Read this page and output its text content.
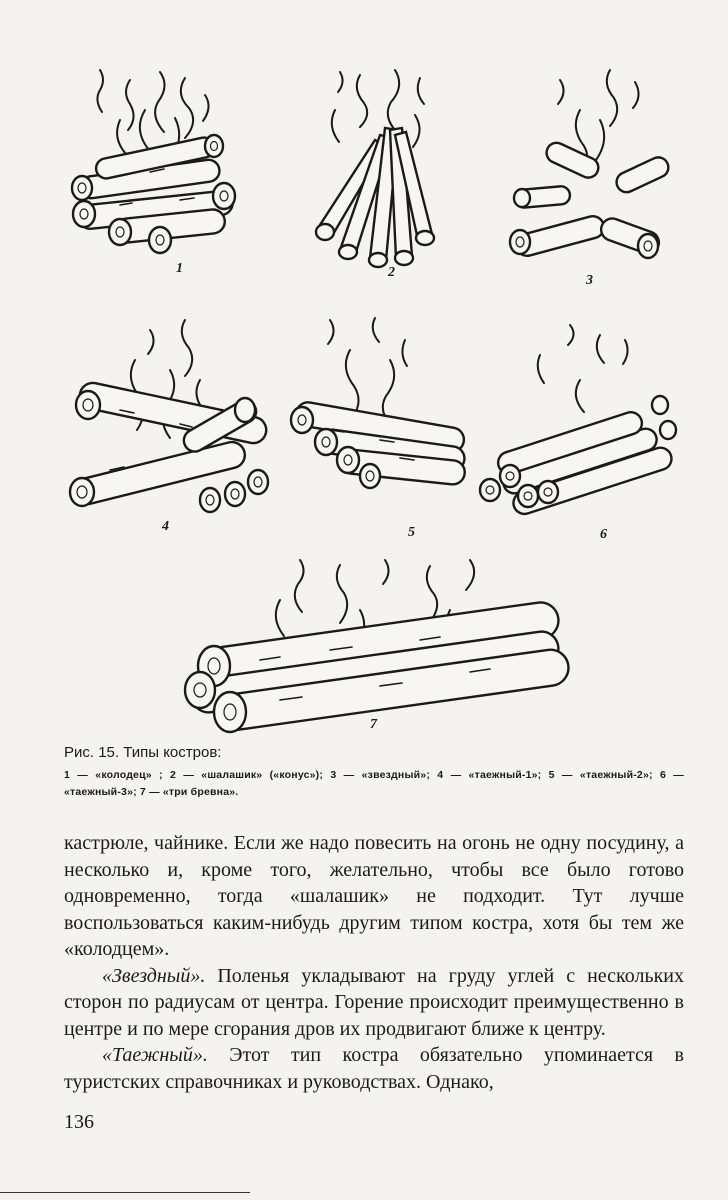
1	2
3
4	5	6
7
Рис. 15. Типы костров:
1 — «колодец» ; 2 — «шалашик» («конус»); 3 — «звездный»; 4 — «таежный-1»; 5 — «таежный-2»; 6 — «таежный-3»; 7 — «три бревна».

кастрюле, чайнике. Если же надо повесить на огонь не одну посудину, а несколько и, кроме того, желательно, чтобы все было готово одновременно, тогда «шалашик» не подходит. Тут лучше воспользоваться каким-нибудь другим типом костра, хотя бы тем же «колодцем».

«Звездный». Поленья укладывают на груду углей с нескольких сторон по радиусам от центра. Горение происходит преимущественно в центре и по мере сгорания дров их продвигают ближе к центру.

«Таежный». Этот тип костра обязательно упоминается в туристских справочниках и руководствах. Однако,

136
